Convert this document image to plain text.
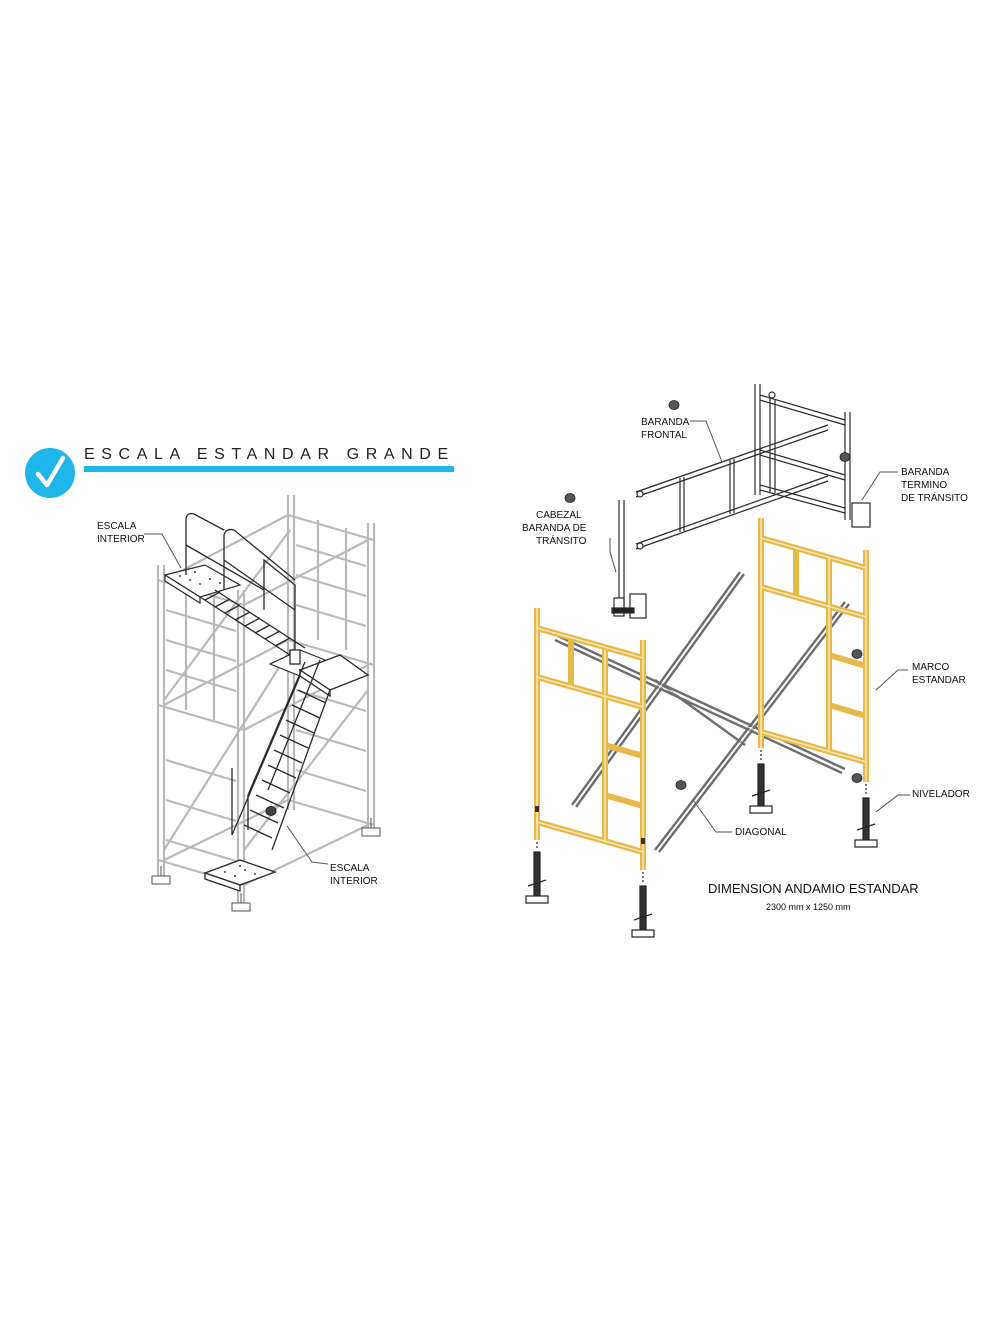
ESCALA ESTANDAR GRANDE
ESCALA
INTERIOR
ESCALA
INTERIOR
BARANDA
FRONTAL
CABEZAL
BARANDA DE
TRÁNSITO
BARANDA
TERMINO
DE TRÁNSITO
MARCO
ESTANDAR
NIVELADOR
DIAGONAL
DIMENSION ANDAMIO ESTANDAR
2300 mm x 1250 mm
